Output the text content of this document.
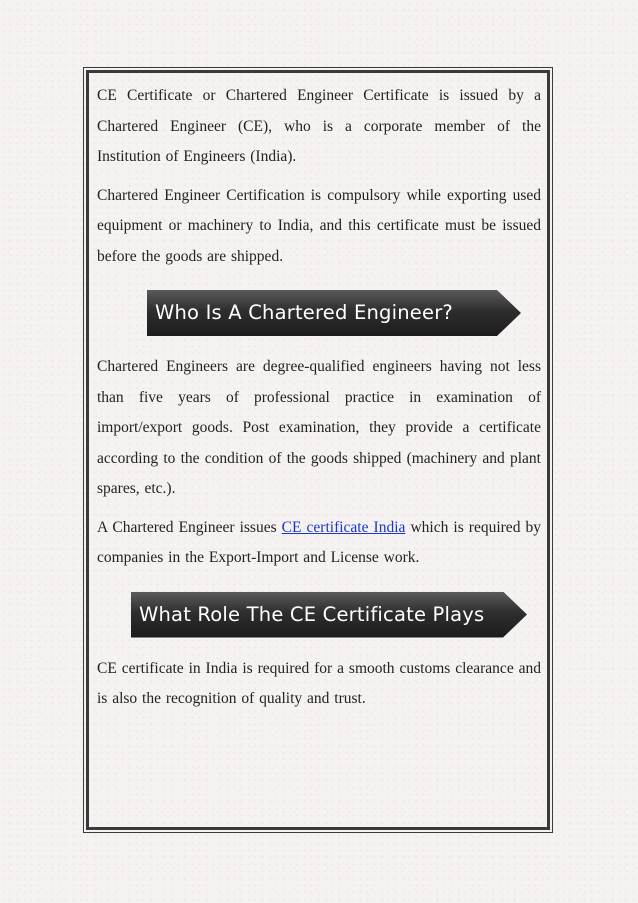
CE Certificate or Chartered Engineer Certificate is issued by a Chartered Engineer (CE), who is a corporate member of the Institution of Engineers (India).

Chartered Engineer Certification is compulsory while exporting used equipment or machinery to India, and this certificate must be issued before the goods are shipped.

Who Is A Chartered Engineer?

Chartered Engineers are degree-qualified engineers having not less than five years of professional practice in examination of import/export goods. Post examination, they provide a certificate according to the condition of the goods shipped (machinery and plant spares, etc.).

A Chartered Engineer issues CE certificate India which is required by companies in the Export-Import and License work.

What Role The CE Certificate Plays

CE certificate in India is required for a smooth customs clearance and is also the recognition of quality and trust.
